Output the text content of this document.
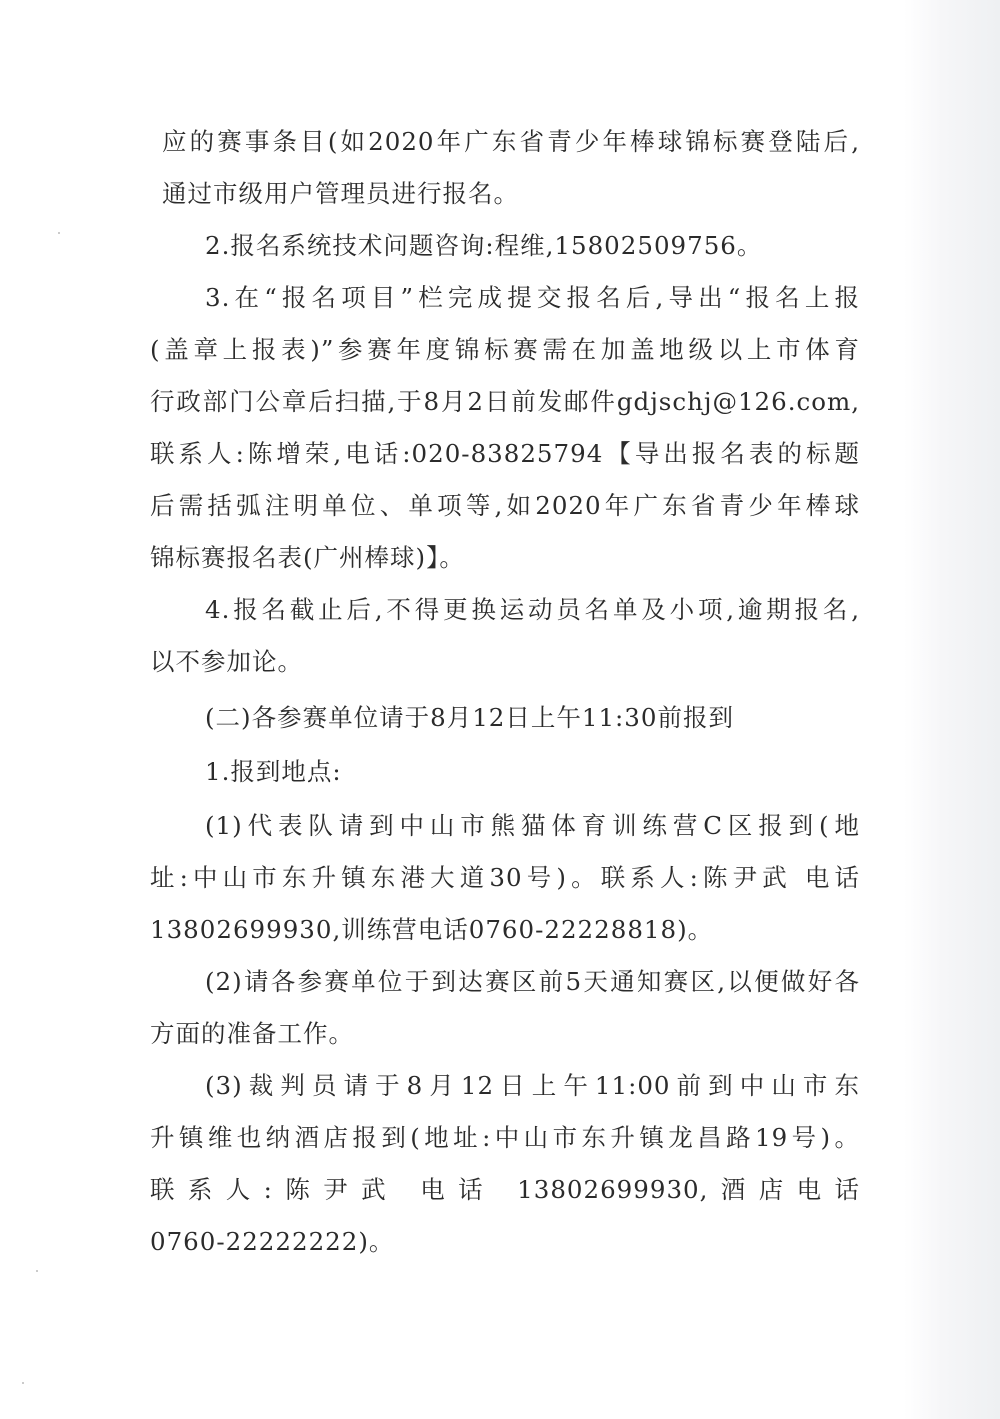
应的赛事条目(如2020年广东省青少年棒球锦标赛登陆后,
通过市级用户管理员进行报名。
2.报名系统技术问题咨询:程维,15802509756。
3.在“报名项目”栏完成提交报名后,导出“报名上报
(盖章上报表)”参赛年度锦标赛需在加盖地级以上市体育
行政部门公章后扫描,于8月2日前发邮件gdjschj@126.com,
联系人:陈增荣,电话:020-83825794【导出报名表的标题
后需括弧注明单位、单项等,如2020年广东省青少年棒球
锦标赛报名表(广州棒球)】。
4.报名截止后,不得更换运动员名单及小项,逾期报名,
以不参加论。
(二)各参赛单位请于8月12日上午11:30前报到
1.报到地点:
(1)代表队请到中山市熊猫体育训练营C区报到(地
址:中山市东升镇东港大道30号)。联系人:陈尹武 电话
13802699930,训练营电话0760-22228818)。
(2)请各参赛单位于到达赛区前5天通知赛区,以便做好各
方面的准备工作。
(3)裁判员请于8月12日上午11:00前到中山市东
升镇维也纳酒店报到(地址:中山市东升镇龙昌路19号)。
联系人:陈尹武 电话 13802699930,酒店电话
0760-22222222)。
